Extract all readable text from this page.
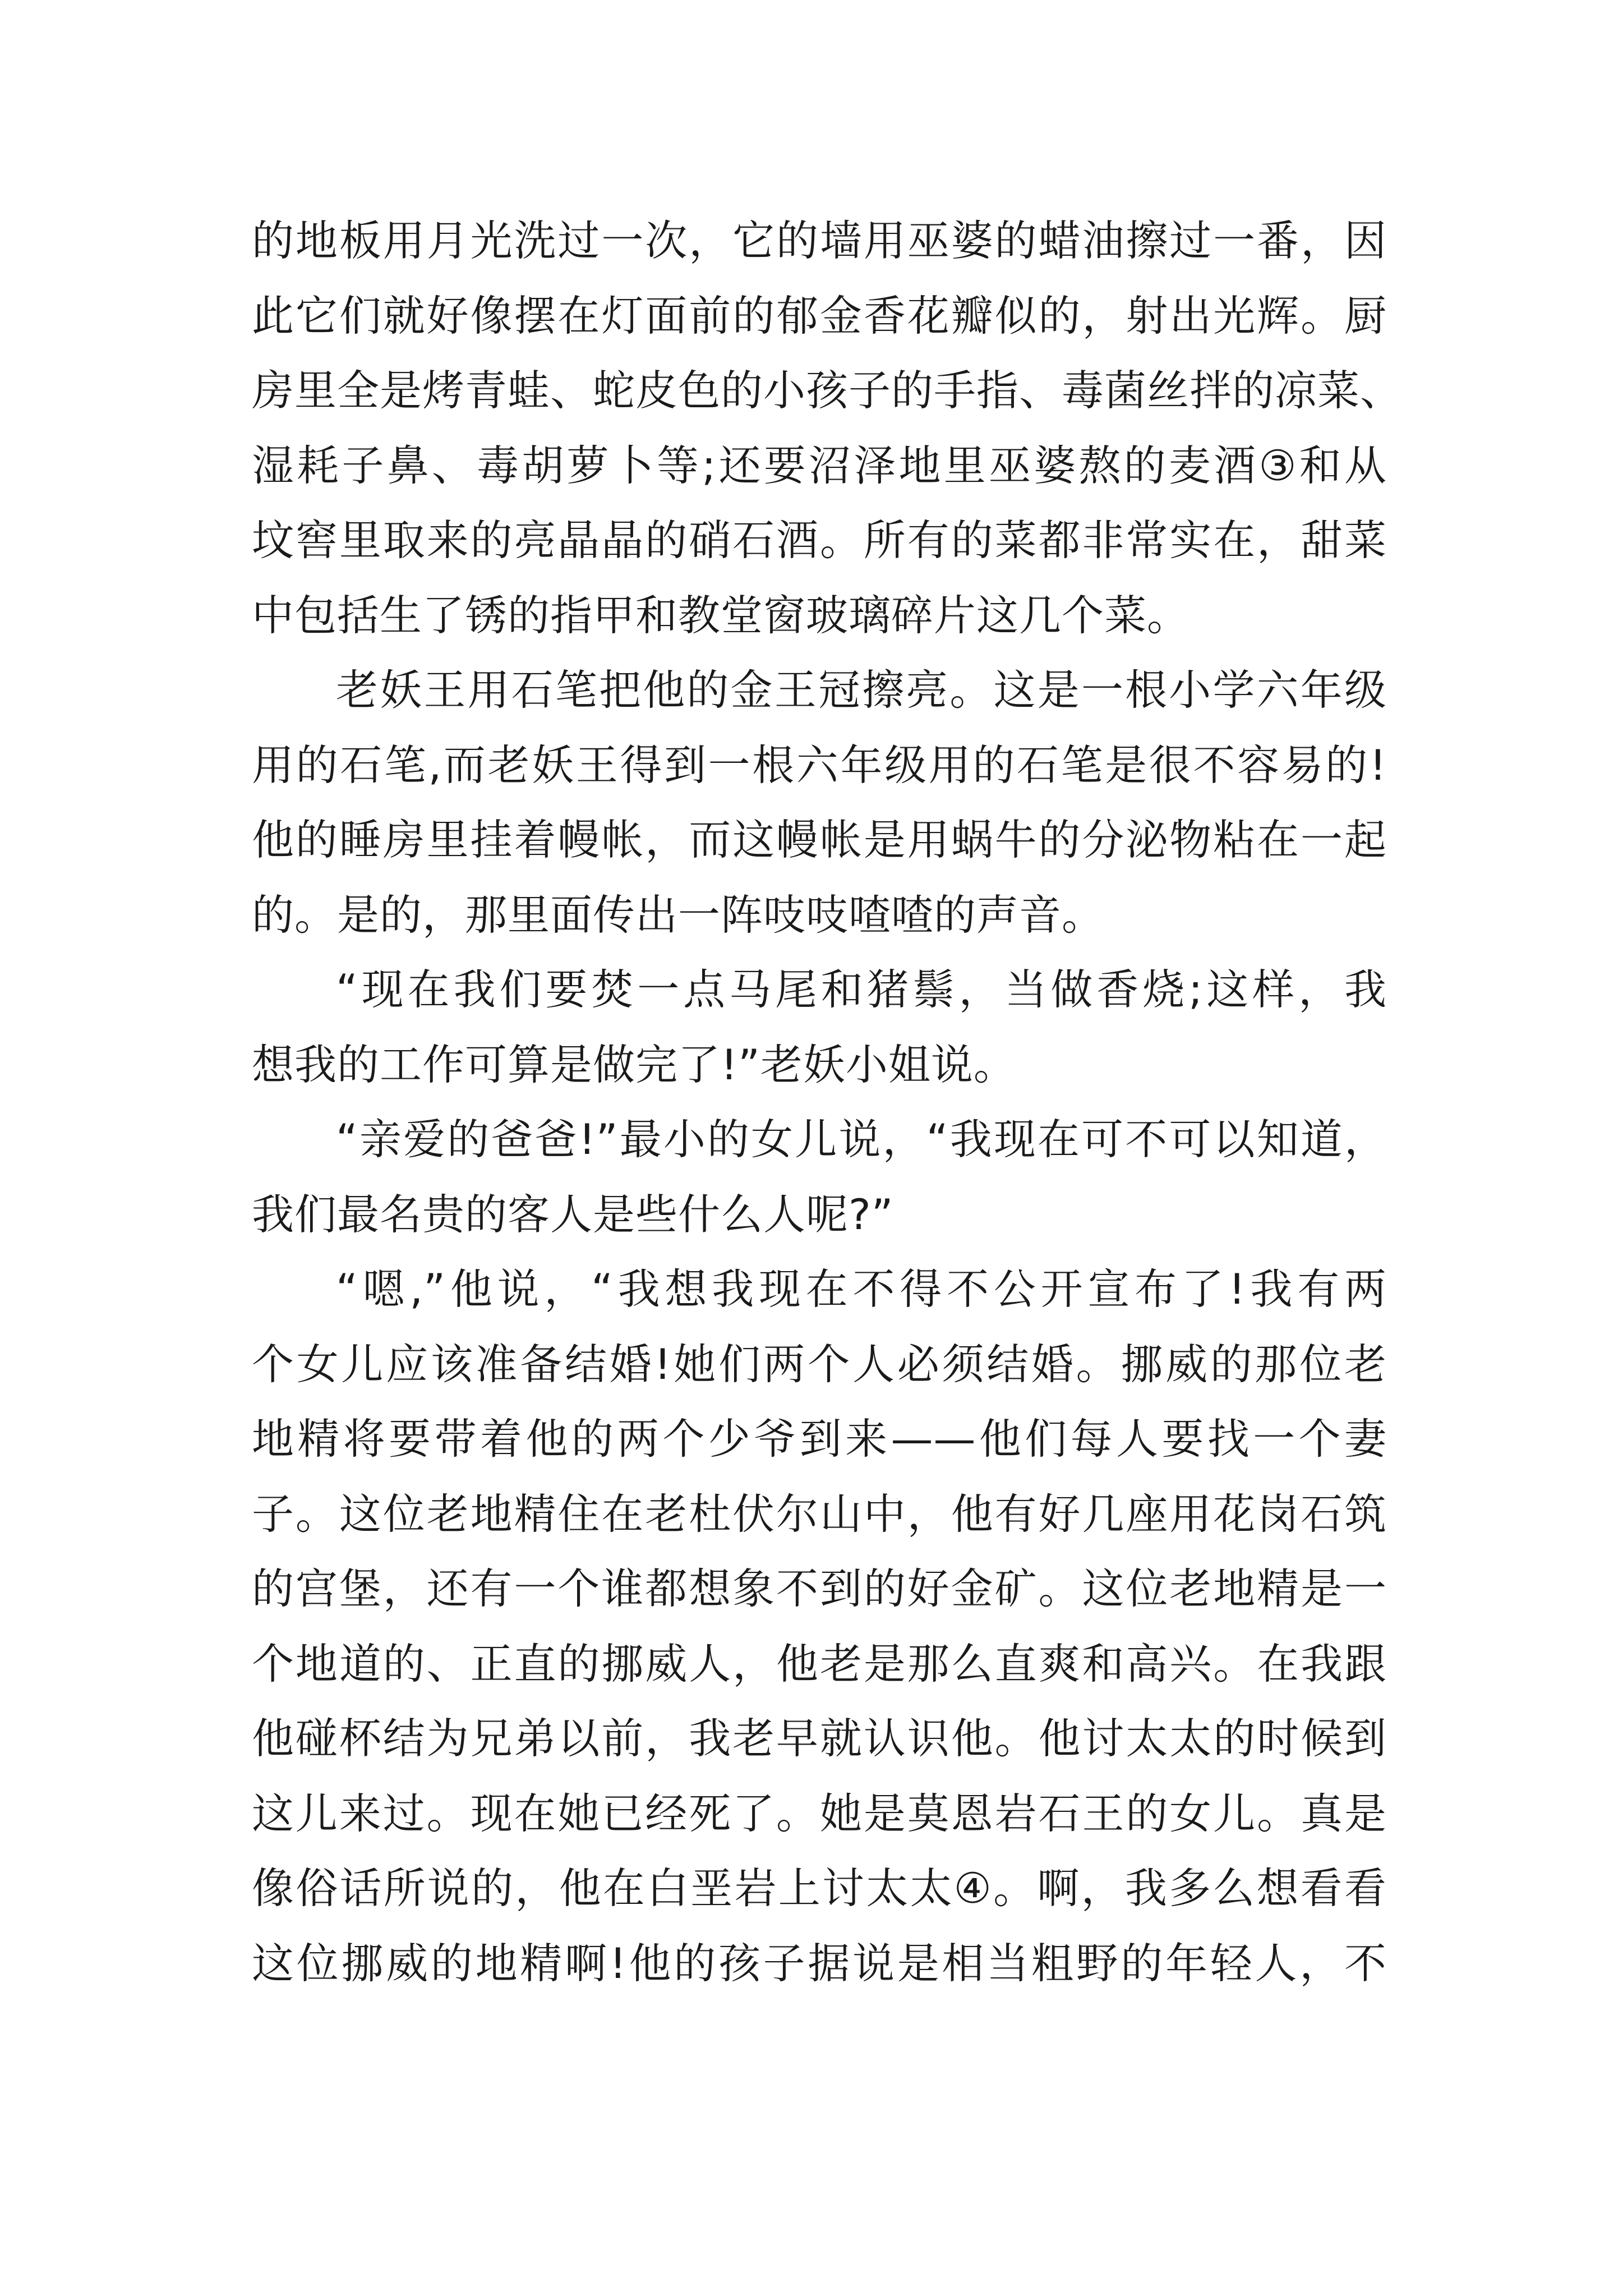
的地板用月光洗过一次，它的墙用巫婆的蜡油擦过一番，因
此它们就好像摆在灯面前的郁金香花瓣似的，射出光辉。厨
房里全是烤青蛙、蛇皮色的小孩子的手指、毒菌丝拌的凉菜、
湿耗子鼻、毒胡萝卜等;还要沼泽地里巫婆熬的麦酒③和从
坟窖里取来的亮晶晶的硝石酒。所有的菜都非常实在，甜菜
中包括生了锈的指甲和教堂窗玻璃碎片这几个菜。
老妖王用石笔把他的金王冠擦亮。这是一根小学六年级
用的石笔,而老妖王得到一根六年级用的石笔是很不容易的!
他的睡房里挂着幔帐，而这幔帐是用蜗牛的分泌物粘在一起
的。是的，那里面传出一阵吱吱喳喳的声音。
“现在我们要焚一点马尾和猪鬃，当做香烧;这样，我
想我的工作可算是做完了!”老妖小姐说。
“亲爱的爸爸!”最小的女儿说，“我现在可不可以知道，
我们最名贵的客人是些什么人呢?”
“嗯,”他说，“我想我现在不得不公开宣布了!我有两
个女儿应该准备结婚!她们两个人必须结婚。挪威的那位老
地精将要带着他的两个少爷到来——他们每人要找一个妻
子。这位老地精住在老杜伏尔山中，他有好几座用花岗石筑
的宫堡，还有一个谁都想象不到的好金矿。这位老地精是一
个地道的、正直的挪威人，他老是那么直爽和高兴。在我跟
他碰杯结为兄弟以前，我老早就认识他。他讨太太的时候到
这儿来过。现在她已经死了。她是莫恩岩石王的女儿。真是
像俗话所说的，他在白垩岩上讨太太④。啊，我多么想看看
这位挪威的地精啊!他的孩子据说是相当粗野的年轻人，不
